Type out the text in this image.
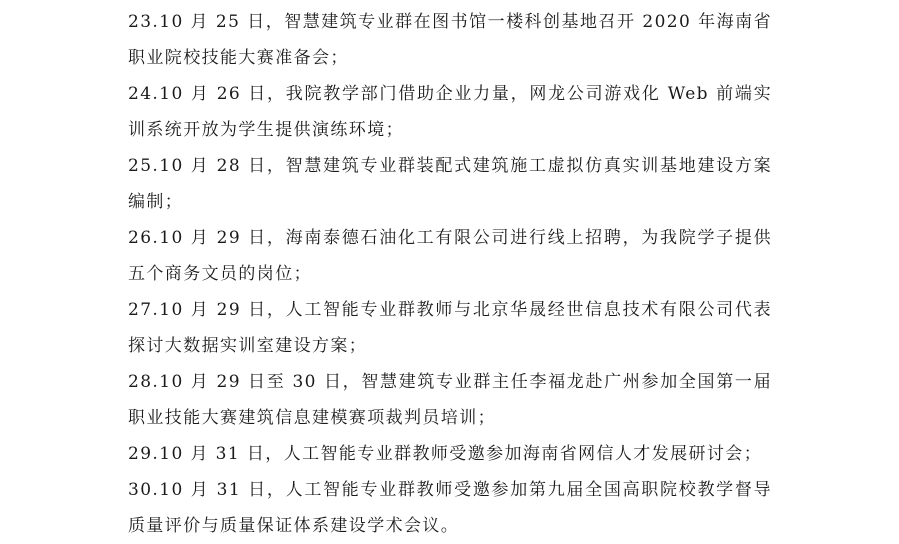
23.10 月 25 日，智慧建筑专业群在图书馆一楼科创基地召开 2020 年海南省职业院校技能大赛准备会；

24.10 月 26 日，我院教学部门借助企业力量，网龙公司游戏化 Web 前端实训系统开放为学生提供演练环境；

25.10 月 28 日，智慧建筑专业群装配式建筑施工虚拟仿真实训基地建设方案编制；

26.10 月 29 日，海南泰德石油化工有限公司进行线上招聘，为我院学子提供五个商务文员的岗位；

27.10 月 29 日，人工智能专业群教师与北京华晟经世信息技术有限公司代表探讨大数据实训室建设方案；

28.10 月 29 日至 30 日，智慧建筑专业群主任李福龙赴广州参加全国第一届职业技能大赛建筑信息建模赛项裁判员培训；

29.10 月 31 日，人工智能专业群教师受邀参加海南省网信人才发展研讨会；

30.10 月 31 日，人工智能专业群教师受邀参加第九届全国高职院校教学督导质量评价与质量保证体系建设学术会议。
